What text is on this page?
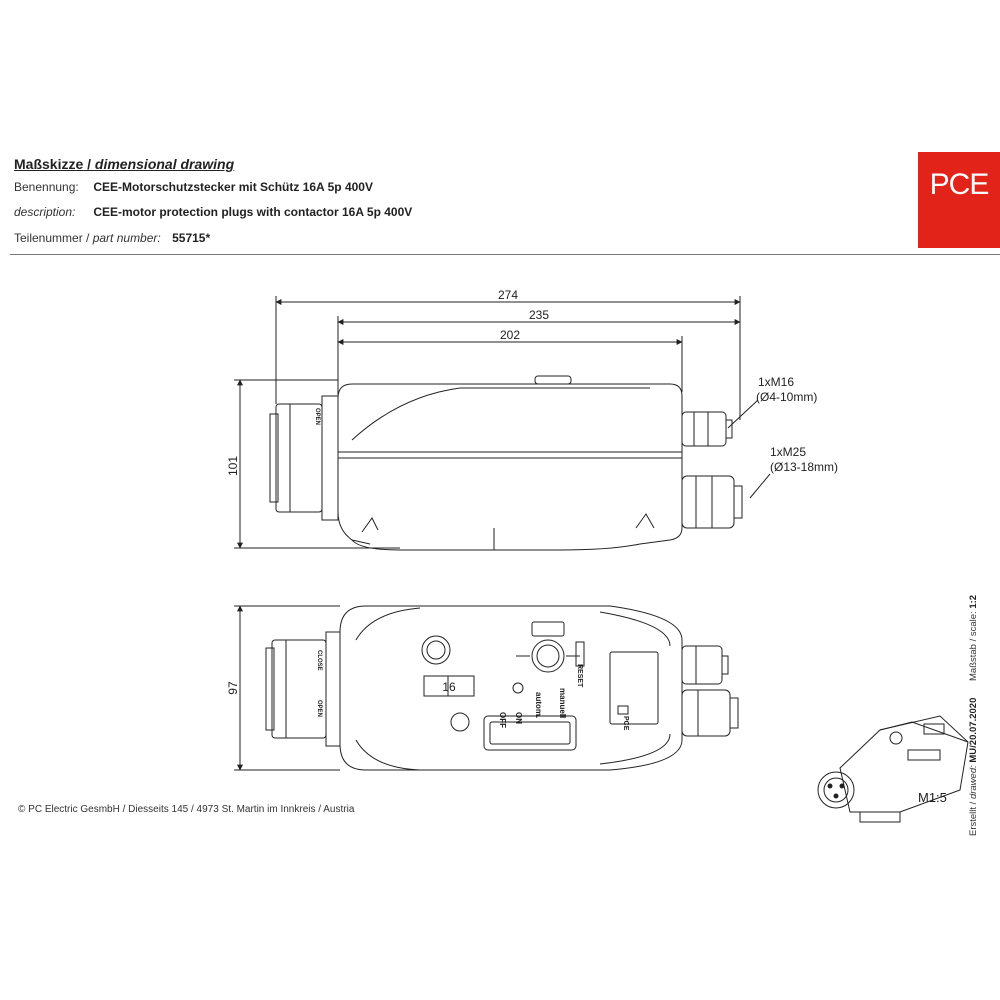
Maßskizze / dimensional drawing
Benennung: CEE-Motorschutzstecker mit Schütz 16A 5p 400V
description: CEE-motor protection plugs with contactor 16A 5p 400V
Teilenummer / part number: 55715*
PCE
274
235
202
101
97
1xM16
(Ø4-10mm)
1xM25
(Ø13-18mm)
16
OFF ON autom. manuell
RESET
CLOSE
OPEN
OPEN
PCE
© PC Electric GesmbH / Diesseits 145 / 4973 St. Martin im Innkreis / Austria
M1:5
Erstellt / drawed: MU/20.07.2020 Maßstab / scale: 1:2
